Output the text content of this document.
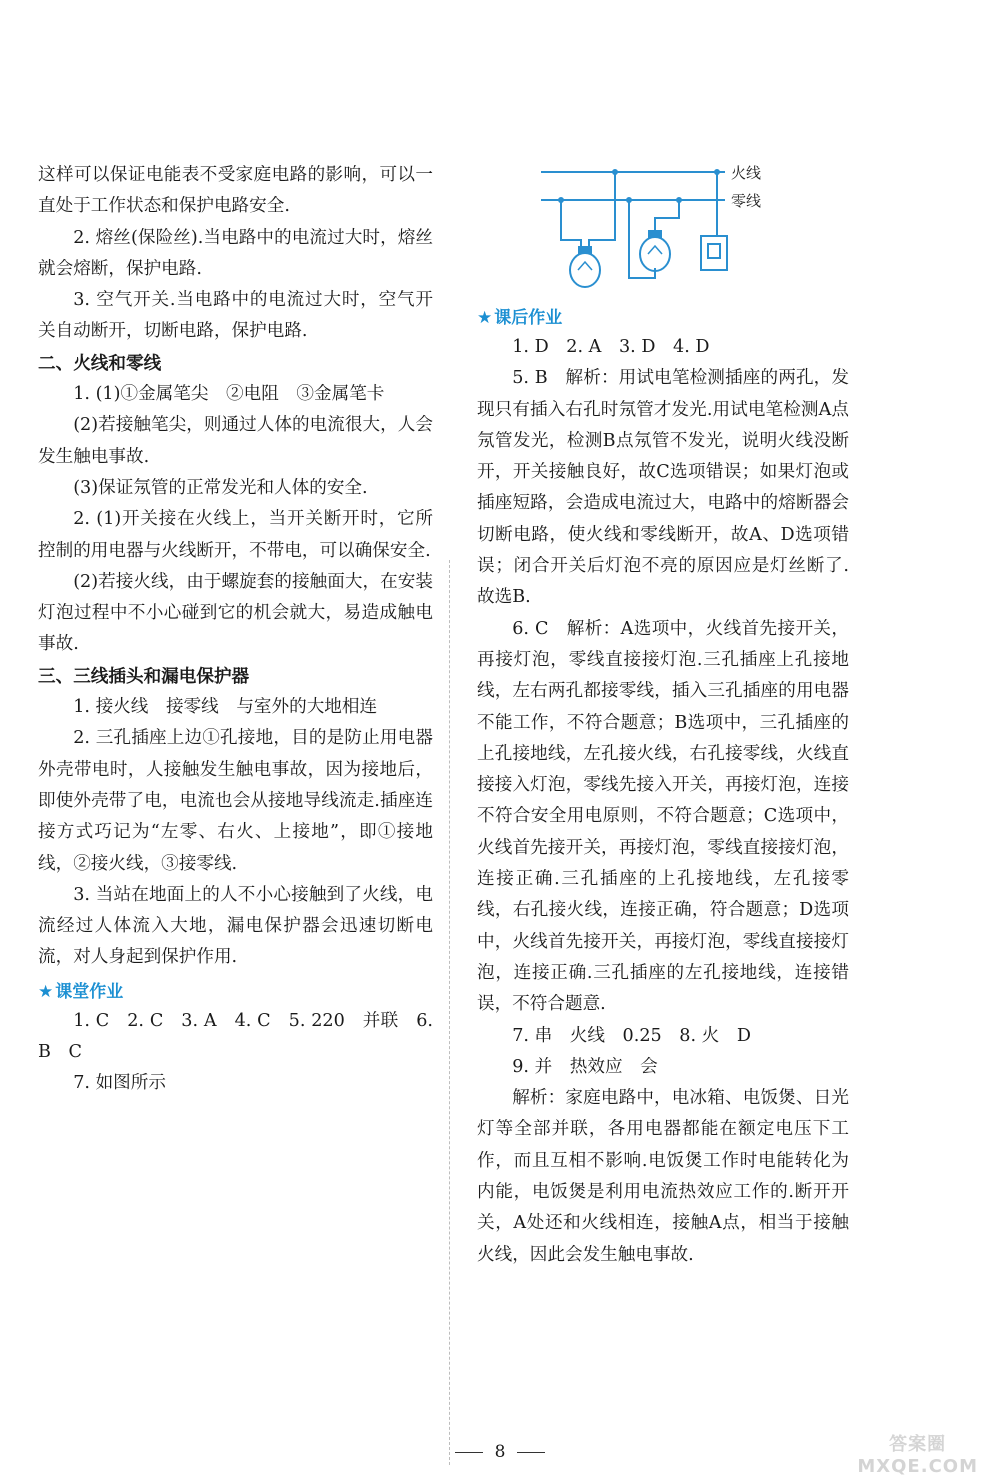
这样可以保证电能表不受家庭电路的影响，可以一直处于工作状态和保护电路安全.

2. 熔丝(保险丝).当电路中的电流过大时，熔丝就会熔断，保护电路.

3. 空气开关.当电路中的电流过大时，空气开关自动断开，切断电路，保护电路.

二、火线和零线

1. (1)①金属笔尖　②电阻　③金属笔卡

(2)若接触笔尖，则通过人体的电流很大，人会发生触电事故.

(3)保证氖管的正常发光和人体的安全.

2. (1)开关接在火线上，当开关断开时，它所控制的用电器与火线断开，不带电，可以确保安全.

(2)若接火线，由于螺旋套的接触面大，在安装灯泡过程中不小心碰到它的机会就大，易造成触电事故.

三、三线插头和漏电保护器

1. 接火线　接零线　与室外的大地相连

2. 三孔插座上边①孔接地，目的是防止用电器外壳带电时，人接触发生触电事故，因为接地后，即使外壳带了电，电流也会从接地导线流走.插座连接方式巧记为“左零、右火、上接地”，即①接地线，②接火线，③接零线.

3. 当站在地面上的人不小心接触到了火线，电流经过人体流入大地，漏电保护器会迅速切断电流，对人身起到保护作用.

★ 课堂作业

1. C　2. C　3. A　4. C　5. 220　并联　6. B　C

7. 如图所示

火线
零线
★ 课后作业

1. D　2. A　3. D　4. D

5. B　解析：用试电笔检测插座的两孔，发现只有插入右孔时氖管才发光.用试电笔检测A点氖管发光，检测B点氖管不发光，说明火线没断开，开关接触良好，故C选项错误；如果灯泡或插座短路，会造成电流过大，电路中的熔断器会切断电路，使火线和零线断开，故A、D选项错误；闭合开关后灯泡不亮的原因应是灯丝断了.故选B.

6. C　解析：A选项中，火线首先接开关，再接灯泡，零线直接接灯泡.三孔插座上孔接地线，左右两孔都接零线，插入三孔插座的用电器不能工作，不符合题意；B选项中，三孔插座的上孔接地线，左孔接火线，右孔接零线，火线直接接入灯泡，零线先接入开关，再接灯泡，连接不符合安全用电原则，不符合题意；C选项中，火线首先接开关，再接灯泡，零线直接接灯泡，连接正确.三孔插座的上孔接地线，左孔接零线，右孔接火线，连接正确，符合题意；D选项中，火线首先接开关，再接灯泡，零线直接接灯泡，连接正确.三孔插座的左孔接地线，连接错误，不符合题意.

7. 串　火线　0.25　8. 火　D

9. 并　热效应　会

解析：家庭电路中，电冰箱、电饭煲、日光灯等全部并联，各用电器都能在额定电压下工作，而且互相不影响.电饭煲工作时电能转化为内能，电饭煲是利用电流热效应工作的.断开开关，A处还和火线相连，接触A点，相当于接触火线，因此会发生触电事故.

8	答案圈
MXQE.COM
